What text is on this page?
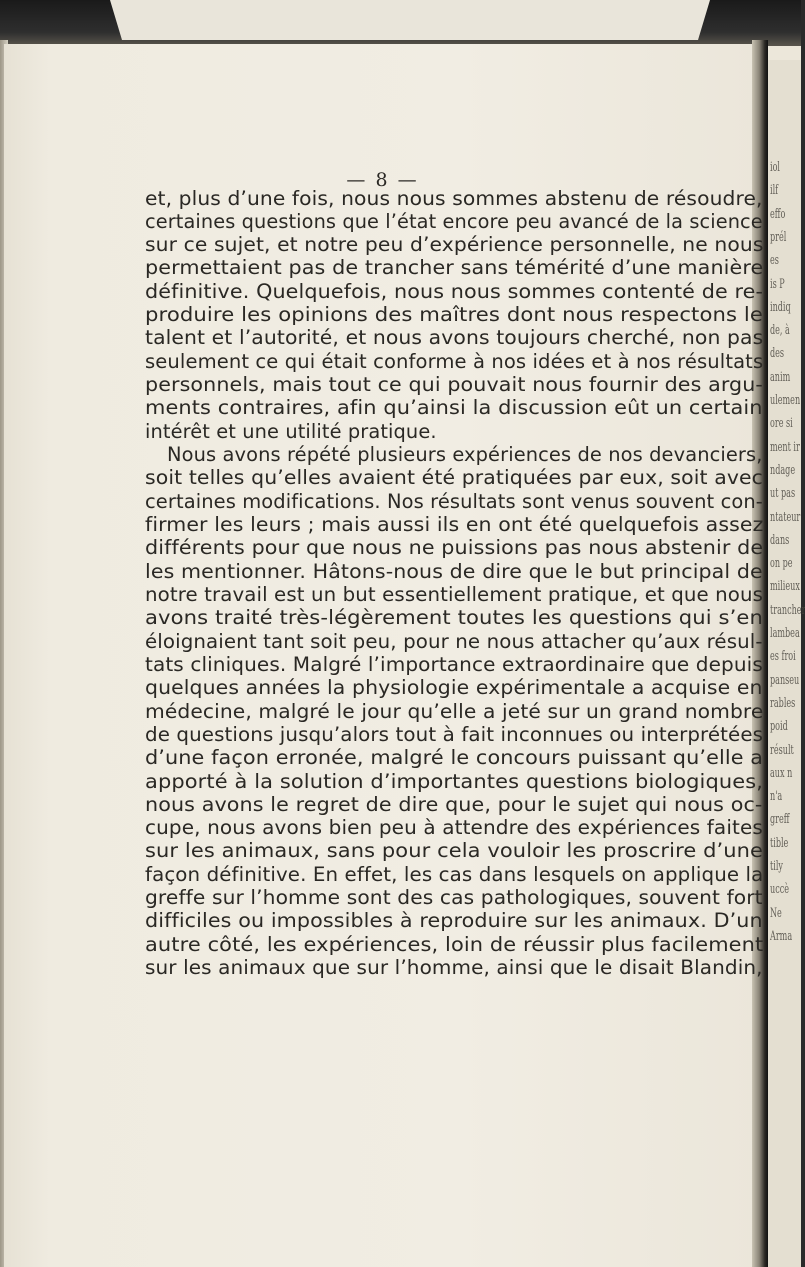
iol
ilf
effo
prél
es
is P
indiq
de, à
des
anim
ulemen
ore si
ment ir
ndage
ut pas
ntateur
dans
on pe
milieux
trancher
lambea
es froi
panseu
rables
poid
résult
aux n
n'a
greff
tible
tily
uccè
Ne
Arma
— 8 —
et, plus d’une fois, nous nous sommes abstenu de résoudre,
certaines questions que l’état encore peu avancé de la science
sur ce sujet, et notre peu d’expérience personnelle, ne nous
permettaient pas de trancher sans témérité d’une manière
définitive. Quelquefois, nous nous sommes contenté de re-
produire les opinions des maîtres dont nous respectons le
talent et l’autorité, et nous avons toujours cherché, non pas
seulement ce qui était conforme à nos idées et à nos résultats
personnels, mais tout ce qui pouvait nous fournir des argu-
ments contraires, afin qu’ainsi la discussion eût un certain
intérêt et une utilité pratique.
Nous avons répété plusieurs expériences de nos devanciers,
soit telles qu’elles avaient été pratiquées par eux, soit avec
certaines modifications. Nos résultats sont venus souvent con-
firmer les leurs ; mais aussi ils en ont été quelquefois assez
différents pour que nous ne puissions pas nous abstenir de
les mentionner. Hâtons-nous de dire que le but principal de
notre travail est un but essentiellement pratique, et que nous
avons traité très-légèrement toutes les questions qui s’en
éloignaient tant soit peu, pour ne nous attacher qu’aux résul-
tats cliniques. Malgré l’importance extraordinaire que depuis
quelques années la physiologie expérimentale a acquise en
médecine, malgré le jour qu’elle a jeté sur un grand nombre
de questions jusqu’alors tout à fait inconnues ou interprétées
d’une façon erronée, malgré le concours puissant qu’elle a
apporté à la solution d’importantes questions biologiques,
nous avons le regret de dire que, pour le sujet qui nous oc-
cupe, nous avons bien peu à attendre des expériences faites
sur les animaux, sans pour cela vouloir les proscrire d’une
façon définitive. En effet, les cas dans lesquels on applique la
greffe sur l’homme sont des cas pathologiques, souvent fort
difficiles ou impossibles à reproduire sur les animaux. D’un
autre côté, les expériences, loin de réussir plus facilement
sur les animaux que sur l’homme, ainsi que le disait Blandin,
